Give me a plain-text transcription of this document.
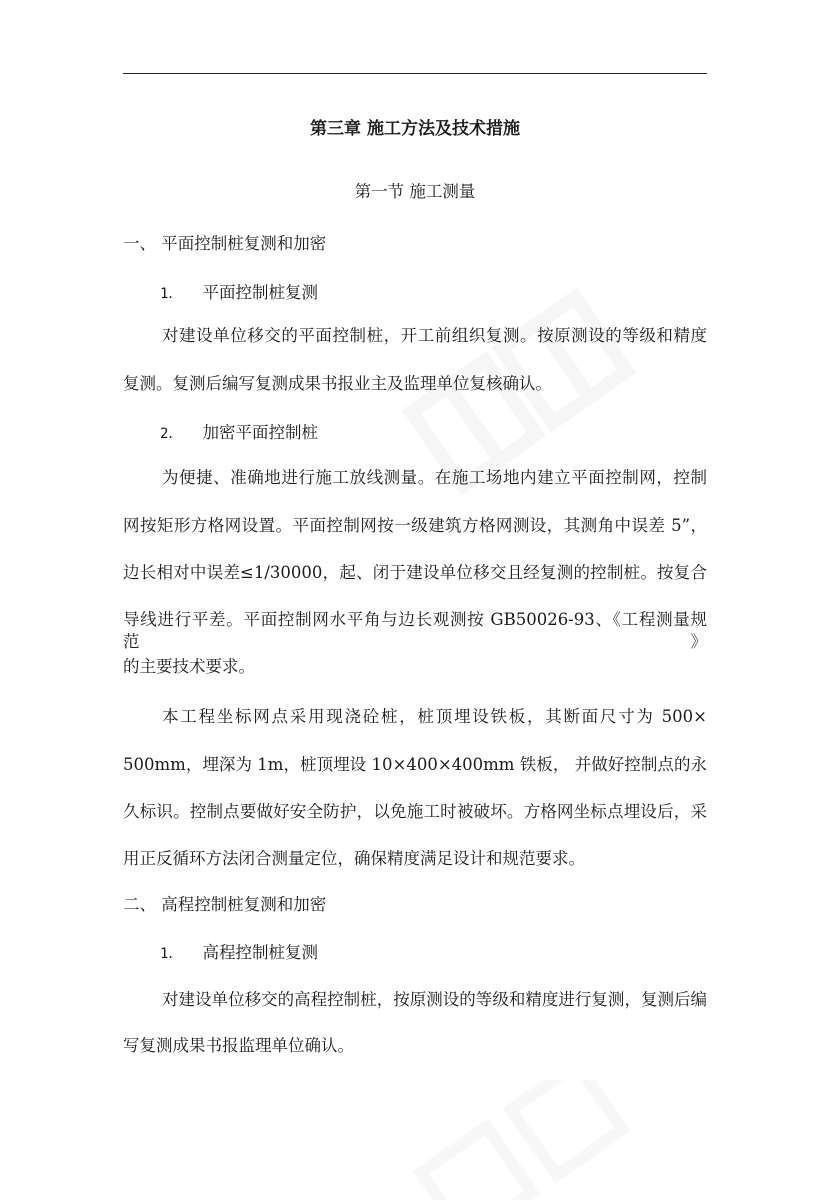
第三章 施工方法及技术措施

第一节 施工测量

一、 平面控制桩复测和加密

1． 平面控制桩复测

对建设单位移交的平面控制桩，开工前组织复测。按原测设的等级和精度

复测。复测后编写复测成果书报业主及监理单位复核确认。

2． 加密平面控制桩

为便捷、准确地进行施工放线测量。在施工场地内建立平面控制网，控制

网按矩形方格网设置。平面控制网按一级建筑方格网测设，其测角中误差 5”，

边长相对中误差≤1/30000，起、闭于建设单位移交且经复测的控制桩。按复合

导线进行平差。平面控制网水平角与边长观测按 GB50026-93、《工程测量规范》

的主要技术要求。

本工程坐标网点采用现浇砼桩，桩顶埋设铁板，其断面尺寸为 500×

500mm，埋深为 1m，桩顶埋设 10×400×400mm 铁板， 并做好控制点的永

久标识。控制点要做好安全防护，以免施工时被破坏。方格网坐标点埋设后，采

用正反循环方法闭合测量定位，确保精度满足设计和规范要求。

二、 高程控制桩复测和加密

1． 高程控制桩复测

对建设单位移交的高程控制桩，按原测设的等级和精度进行复测，复测后编

写复测成果书报监理单位确认。
